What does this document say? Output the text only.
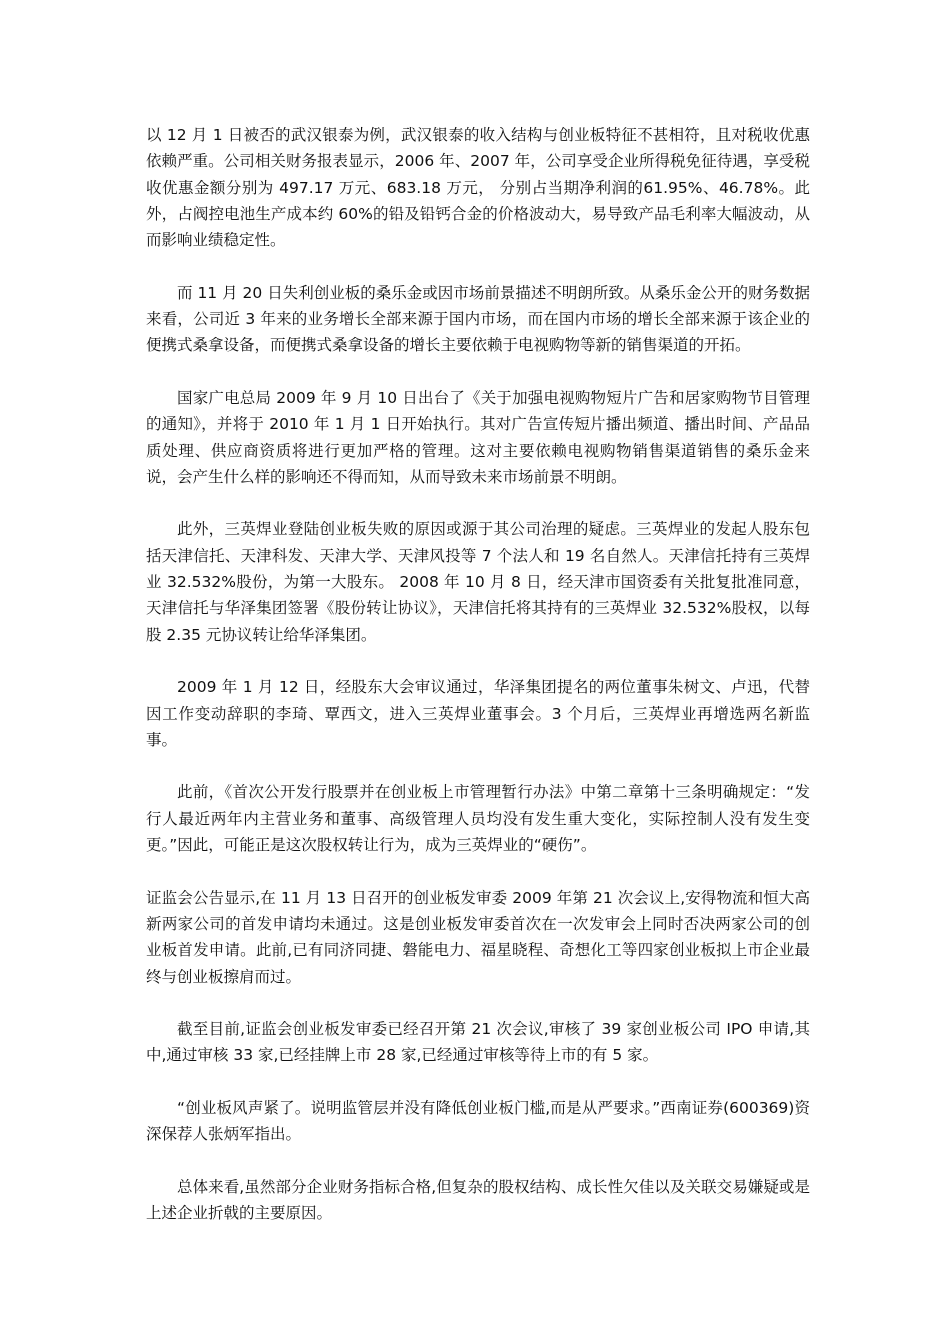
以 12 月 1 日被否的武汉银泰为例，武汉银泰的收入结构与创业板特征不甚相符，且对税收优惠依赖严重。公司相关财务报表显示，2006 年、2007 年，公司享受企业所得税免征待遇，享受税收优惠金额分别为 497.17 万元、683.18 万元， 分别占当期净利润的61.95%、46.78%。此外，占阀控电池生产成本约 60%的铅及铅钙合金的价格波动大，易导致产品毛利率大幅波动，从而影响业绩稳定性。

而 11 月 20 日失利创业板的桑乐金或因市场前景描述不明朗所致。从桑乐金公开的财务数据来看，公司近 3 年来的业务增长全部来源于国内市场，而在国内市场的增长全部来源于该企业的便携式桑拿设备，而便携式桑拿设备的增长主要依赖于电视购物等新的销售渠道的开拓。

国家广电总局 2009 年 9 月 10 日出台了《关于加强电视购物短片广告和居家购物节目管理的通知》，并将于 2010 年 1 月 1 日开始执行。其对广告宣传短片播出频道、播出时间、产品品质处理、供应商资质将进行更加严格的管理。这对主要依赖电视购物销售渠道销售的桑乐金来说，会产生什么样的影响还不得而知，从而导致未来市场前景不明朗。

此外，三英焊业登陆创业板失败的原因或源于其公司治理的疑虑。三英焊业的发起人股东包括天津信托、天津科发、天津大学、天津风投等 7 个法人和 19 名自然人。天津信托持有三英焊业 32.532%股份，为第一大股东。 2008 年 10 月 8 日，经天津市国资委有关批复批准同意，天津信托与华泽集团签署《股份转让协议》，天津信托将其持有的三英焊业 32.532%股权，以每股 2.35 元协议转让给华泽集团。

2009 年 1 月 12 日，经股东大会审议通过，华泽集团提名的两位董事朱树文、卢迅，代替因工作变动辞职的李琦、覃西文，进入三英焊业董事会。3 个月后，三英焊业再增选两名新监事。

此前，《首次公开发行股票并在创业板上市管理暂行办法》中第二章第十三条明确规定：“发行人最近两年内主营业务和董事、高级管理人员均没有发生重大变化，实际控制人没有发生变更。”因此，可能正是这次股权转让行为，成为三英焊业的“硬伤”。

证监会公告显示,在 11 月 13 日召开的创业板发审委 2009 年第 21 次会议上,安得物流和恒大高新两家公司的首发申请均未通过。这是创业板发审委首次在一次发审会上同时否决两家公司的创业板首发申请。此前,已有同济同捷、磐能电力、福星晓程、奇想化工等四家创业板拟上市企业最终与创业板擦肩而过。

截至目前,证监会创业板发审委已经召开第 21 次会议,审核了 39 家创业板公司 IPO 申请,其中,通过审核 33 家,已经挂牌上市 28 家,已经通过审核等待上市的有 5 家。

“创业板风声紧了。说明监管层并没有降低创业板门槛,而是从严要求。”西南证券(600369)资深保荐人张炳军指出。

总体来看,虽然部分企业财务指标合格,但复杂的股权结构、成长性欠佳以及关联交易嫌疑或是上述企业折戟的主要原因。
